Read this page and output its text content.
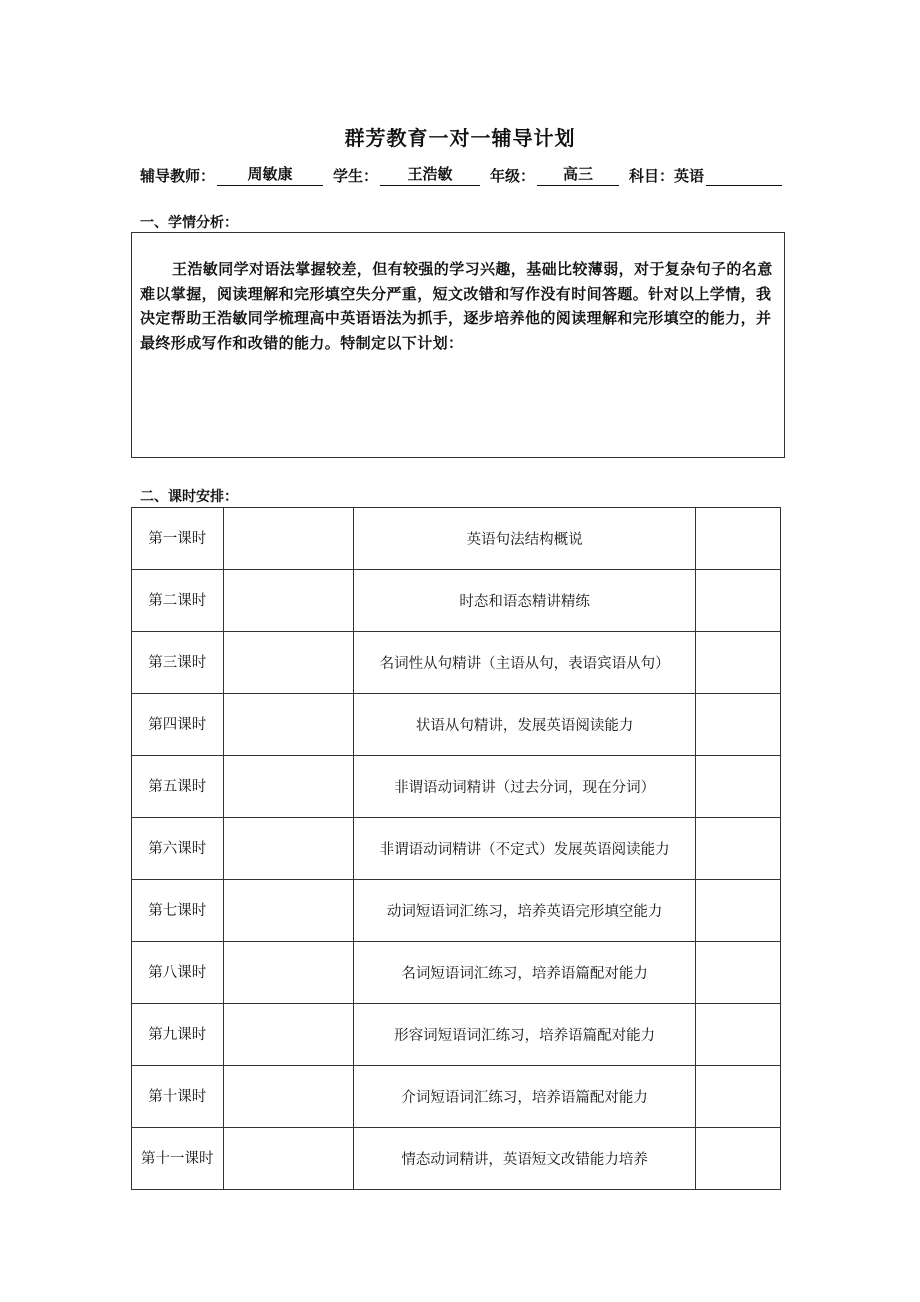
群芳教育一对一辅导计划
辅导教师：	周敏康	学生：	王浩敏	年级：	高三	科目：英语
一、学情分析：

王浩敏同学对语法掌握较差，但有较强的学习兴趣，基础比较薄弱，对于复杂句子的名意难以掌握，阅读理解和完形填空失分严重，短文改错和写作没有时间答题。针对以上学情，我决定帮助王浩敏同学梳理高中英语语法为抓手，逐步培养他的阅读理解和完形填空的能力，并最终形成写作和改错的能力。特制定以下计划：

二、课时安排：
第一课时		英语句法结构概说	
第二课时		时态和语态精讲精练	
第三课时		名词性从句精讲（主语从句，表语宾语从句）	
第四课时		状语从句精讲，发展英语阅读能力	
第五课时		非谓语动词精讲（过去分词，现在分词）	
第六课时		非谓语动词精讲（不定式）发展英语阅读能力	
第七课时		动词短语词汇练习，培养英语完形填空能力	
第八课时		名词短语词汇练习，培养语篇配对能力	
第九课时		形容词短语词汇练习，培养语篇配对能力	
第十课时		介词短语词汇练习，培养语篇配对能力	
第十一课时		情态动词精讲，英语短文改错能力培养	
